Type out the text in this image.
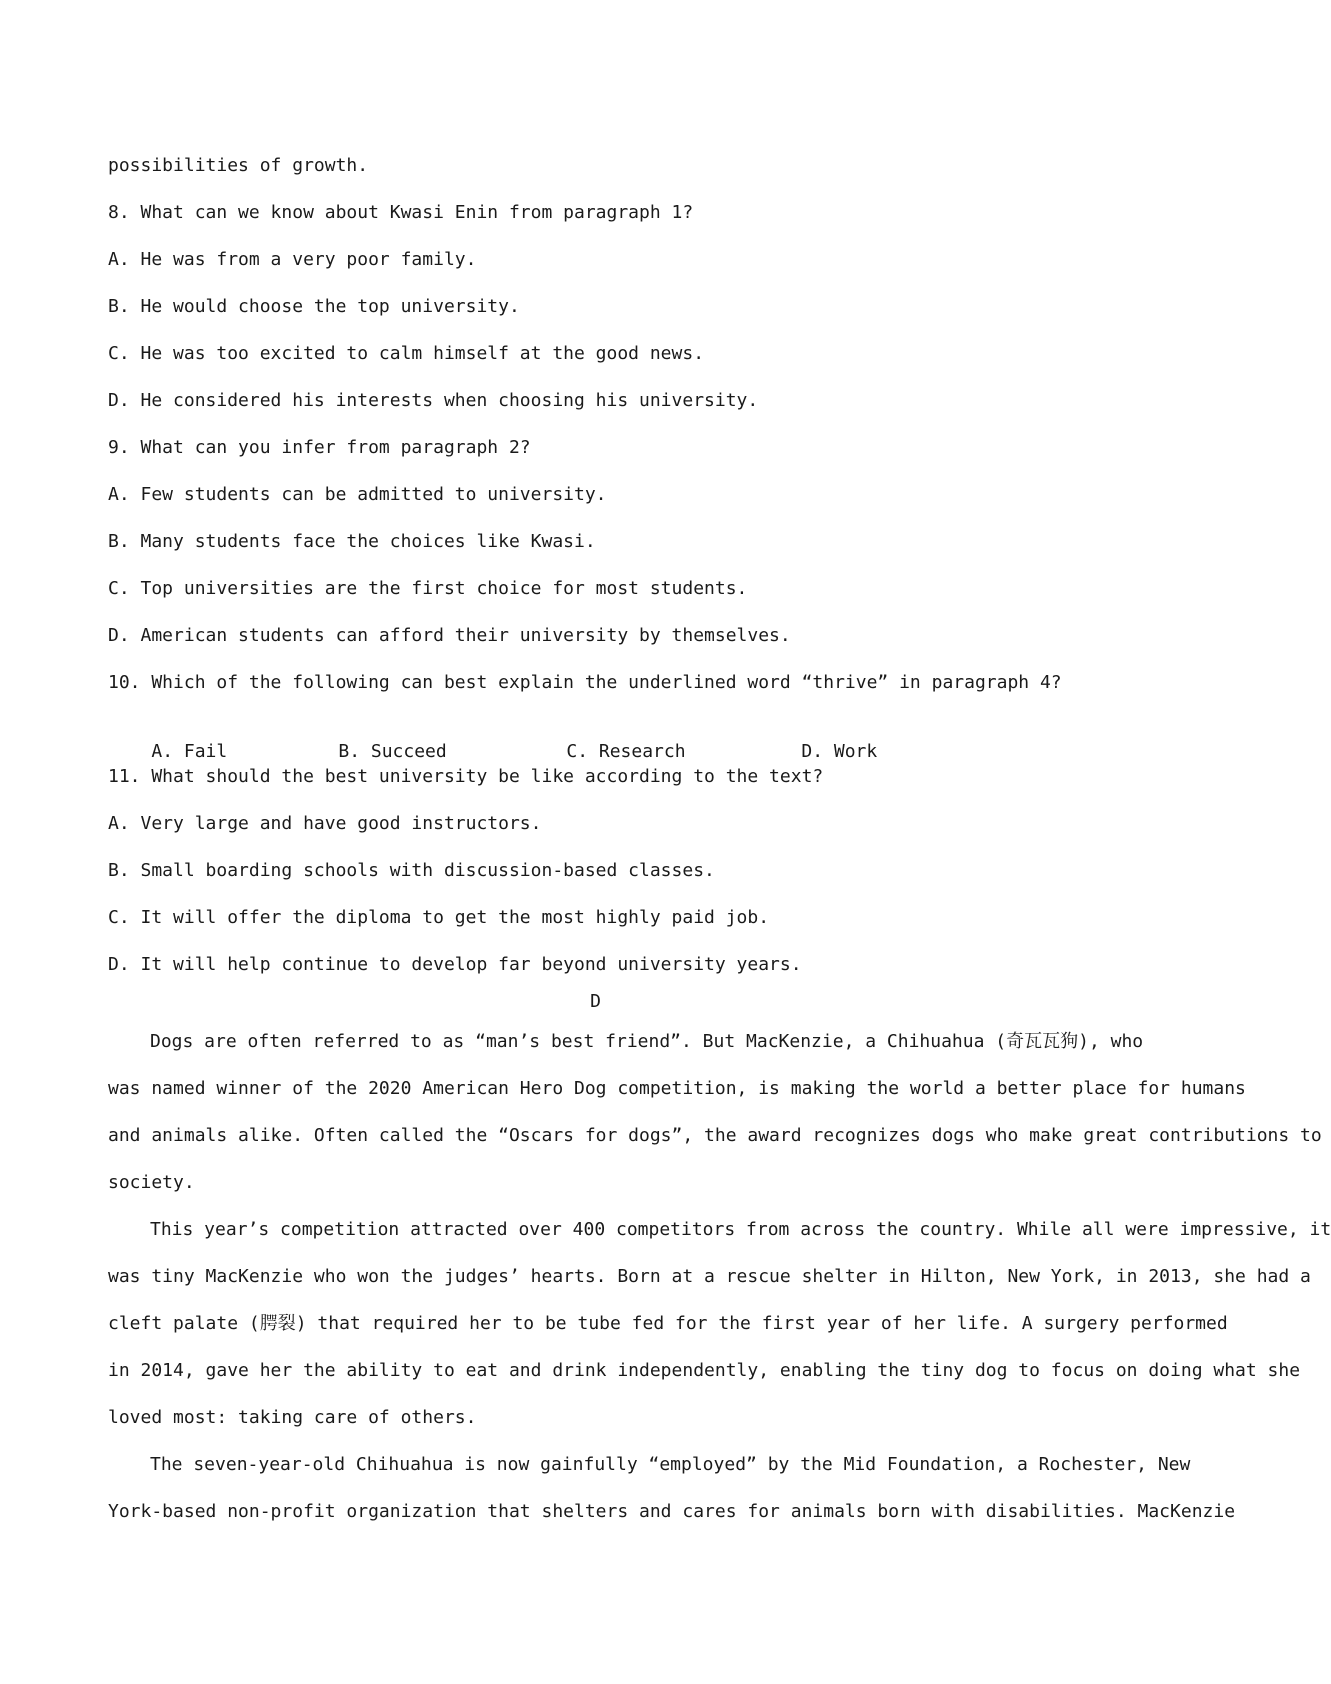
possibilities of growth.
8. What can we know about Kwasi Enin from paragraph 1?
A. He was from a very poor family.
B. He would choose the top university.
C. He was too excited to calm himself at the good news.
D. He considered his interests when choosing his university.
9. What can you infer from paragraph 2?
A. Few students can be admitted to university.
B. Many students face the choices like Kwasi.
C. Top universities are the first choice for most students.
D. American students can afford their university by themselves.
10. Which of the following can best explain the underlined word “thrive” in paragraph 4?

A. Fail	B. Succeed	C. Research	D. Work

11. What should the best university be like according to the text?
A. Very large and have good instructors.
B. Small boarding schools with discussion-based classes.
C. It will offer the diploma to get the most highly paid job.
D. It will help continue to develop far beyond university years.
D
Dogs are often referred to as “man’s best friend”. But MacKenzie, a Chihuahua (奇瓦瓦狗), who
was named winner of the 2020 American Hero Dog competition, is making the world a better place for humans
and animals alike. Often called the “Oscars for dogs”, the award recognizes dogs who make great contributions to
society.
This year’s competition attracted over 400 competitors from across the country. While all were impressive, it
was tiny MacKenzie who won the judges’ hearts. Born at a rescue shelter in Hilton, New York, in 2013, she had a
cleft palate (腭裂) that required her to be tube fed for the first year of her life. A surgery performed
in 2014, gave her the ability to eat and drink independently, enabling the tiny dog to focus on doing what she
loved most: taking care of others.
The seven-year-old Chihuahua is now gainfully “employed” by the Mid Foundation, a Rochester, New
York-based non-profit organization that shelters and cares for animals born with disabilities. MacKenzie
